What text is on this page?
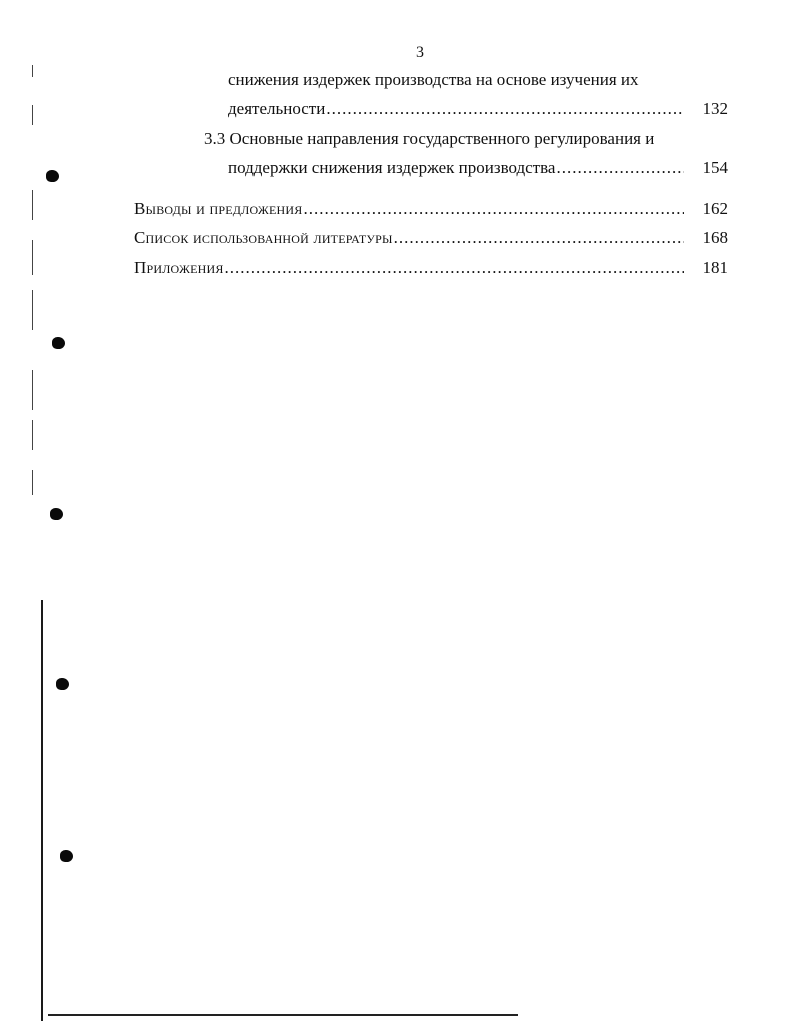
3
снижения издержек производства на основе изучения их
деятельности .....	132
3.3 Основные направления государственного регулирования и
поддержки снижения издержек производства .....	154
Выводы и предложения .....	162
Список использованной литературы .....	168
Приложения .....	181
